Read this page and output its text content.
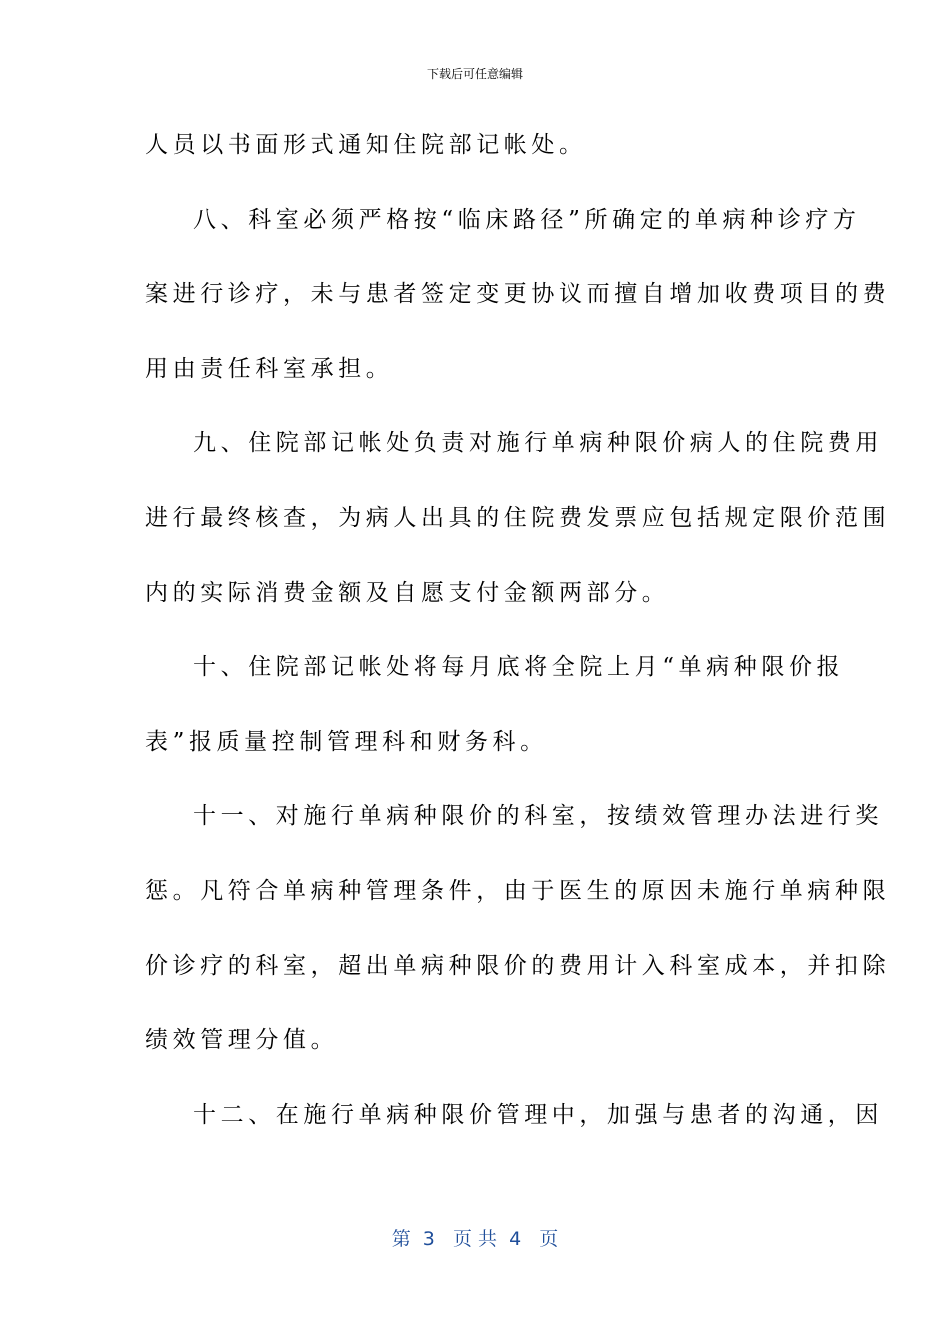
下载后可任意编辑
人员以书面形式通知住院部记帐处。
八、科室必须严格按“临床路径”所确定的单病种诊疗方
案进行诊疗，未与患者签定变更协议而擅自增加收费项目的费
用由责任科室承担。
九、住院部记帐处负责对施行单病种限价病人的住院费用
进行最终核查，为病人出具的住院费发票应包括规定限价范围
内的实际消费金额及自愿支付金额两部分。
十、住院部记帐处将每月底将全院上月“单病种限价报
表”报质量控制管理科和财务科。
十一、对施行单病种限价的科室，按绩效管理办法进行奖
惩。凡符合单病种管理条件，由于医生的原因未施行单病种限
价诊疗的科室，超出单病种限价的费用计入科室成本，并扣除
绩效管理分值。
十二、在施行单病种限价管理中，加强与患者的沟通，因
第  3   页 共  4   页
